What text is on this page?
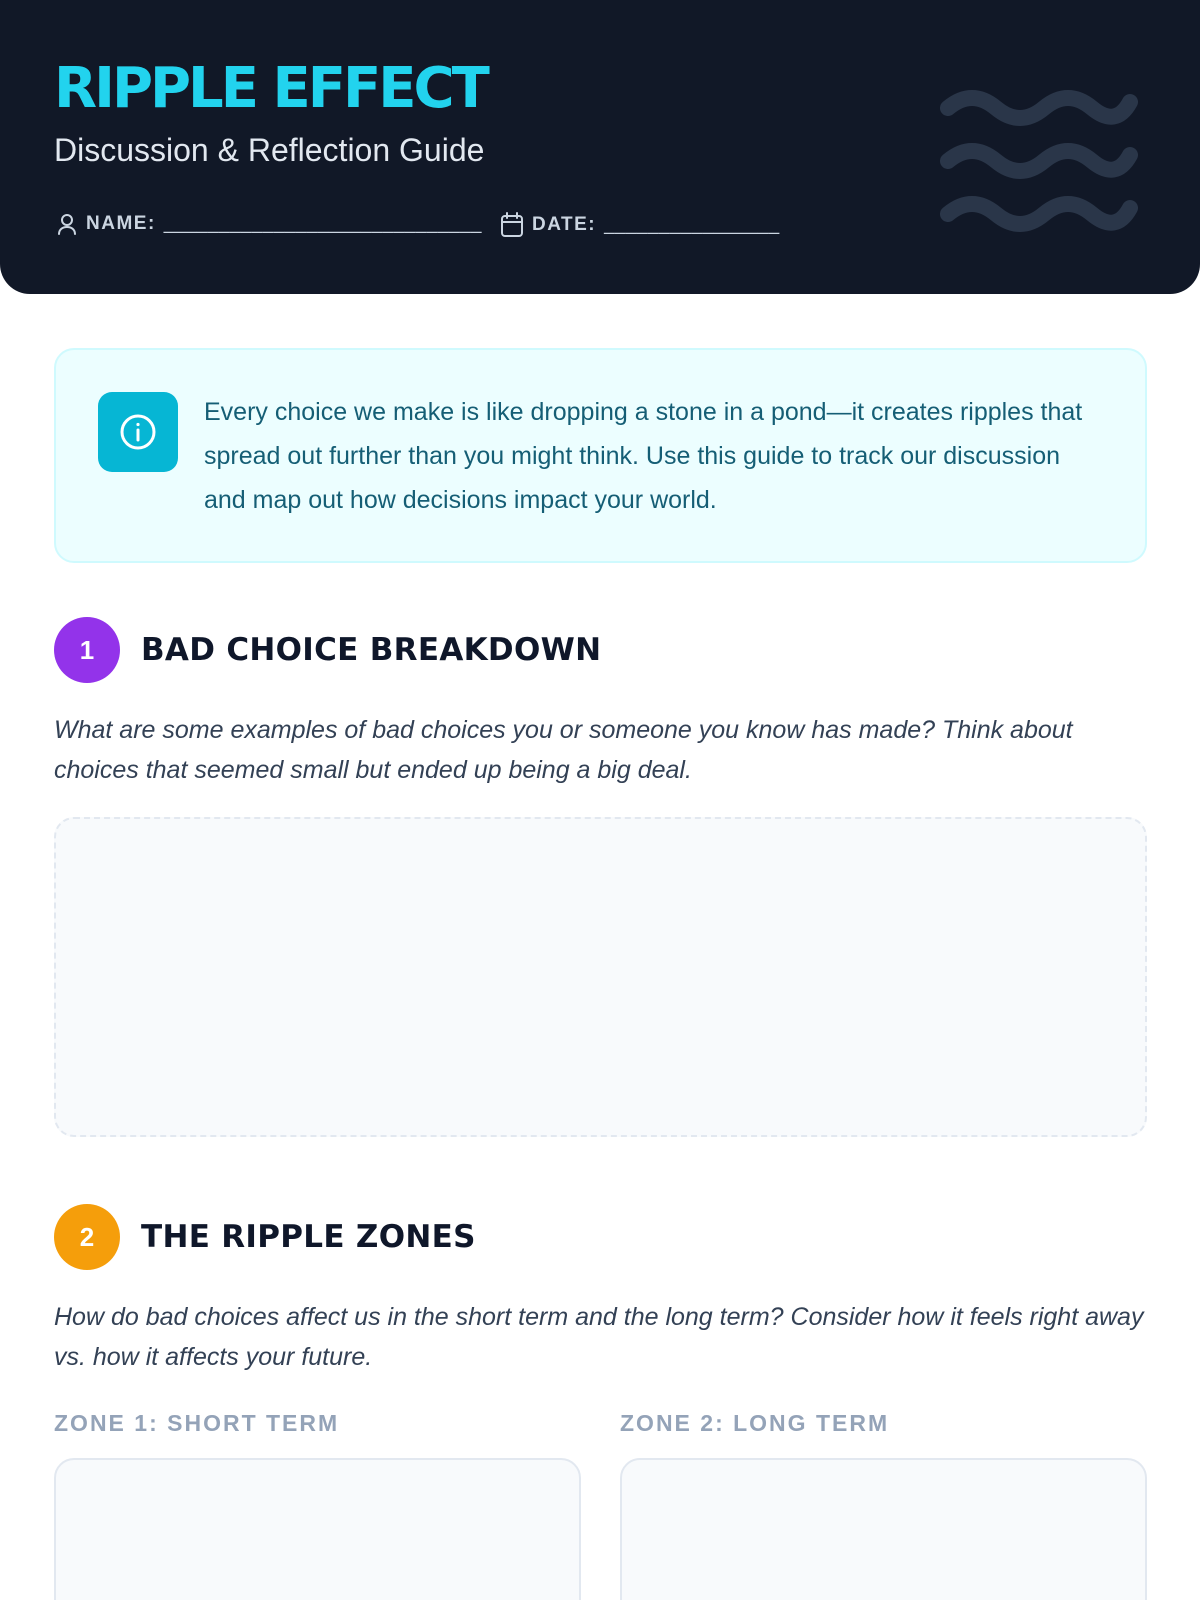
RIPPLE EFFECT
Discussion & Reflection Guide
NAME: _____________________________	DATE: ________________
Every choice we make is like dropping a stone in a pond—it creates ripples that spread out further than you might think. Use this guide to track our discussion and map out how decisions impact your world.
1	BAD CHOICE BREAKDOWN
What are some examples of bad choices you or someone you know has made? Think about choices that seemed small but ended up being a big deal.
2	THE RIPPLE ZONES
How do bad choices affect us in the short term and the long term? Consider how it feels right away vs. how it affects your future.
ZONE 1: SHORT TERM	ZONE 2: LONG TERM
